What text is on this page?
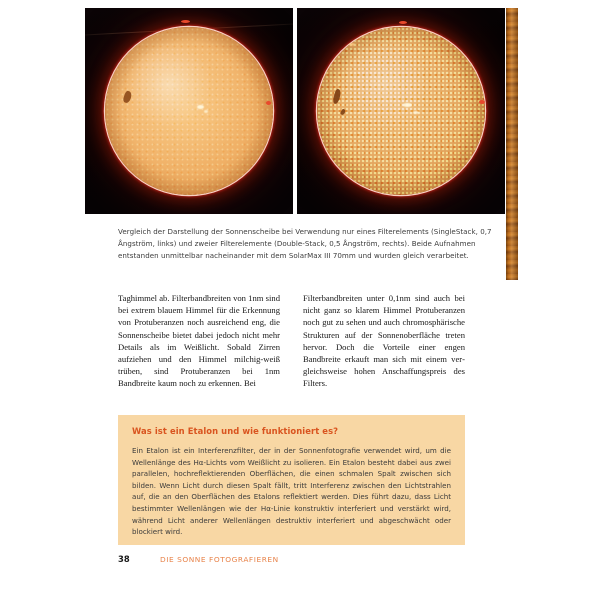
Vergleich der Darstellung der Sonnenscheibe bei Verwendung nur eines Filterelements (SingleStack, 0,7 Ångström, links) und zweier Filterelemente (Double-Stack, 0,5 Ångström, rechts). Beide Aufnahmen entstanden unmittelbar nacheinander mit dem SolarMax III 70mm und wurden gleich verarbeitet.
Taghimmel ab. Filterbandbreiten von 1nm sind bei extrem blauem Himmel für die Erkennung von Protuberanzen noch ausreichend eng, die Sonnenscheibe bietet dabei jedoch nicht mehr Details als im Weißlicht. Sobald Zirren aufziehen und den Himmel milchig-weiß trüben, sind Protuberanzen bei 1nm Bandbreite kaum noch zu erkennen. Bei
Filterbandbreiten unter 0,1nm sind auch bei nicht ganz so klarem Himmel Protuberanzen noch gut zu sehen und auch chromosphärische Strukturen auf der Sonnenoberfläche treten hervor. Doch die Vorteile einer engen Bandbreite erkauft man sich mit einem vergleichsweise hohen Anschaffungspreis des Filters.
Was ist ein Etalon und wie funktioniert es?
Ein Etalon ist ein Interferenzfilter, der in der Sonnenfotografie verwendet wird, um die Wellenlänge des Hα-Lichts vom Weißlicht zu isolieren. Ein Etalon besteht dabei aus zwei parallelen, hochreflektierenden Oberflächen, die einen schmalen Spalt zwischen sich bilden. Wenn Licht durch diesen Spalt fällt, tritt Interferenz zwischen den Lichtstrahlen auf, die an den Oberflächen des Etalons reflektiert werden. Dies führt dazu, dass Licht bestimmter Wellenlängen wie der Hα-Linie konstruktiv interferiert und verstärkt wird, während Licht anderer Wellenlängen destruktiv interferiert und abgeschwächt oder blockiert wird.
38	DIE SONNE FOTOGRAFIEREN
